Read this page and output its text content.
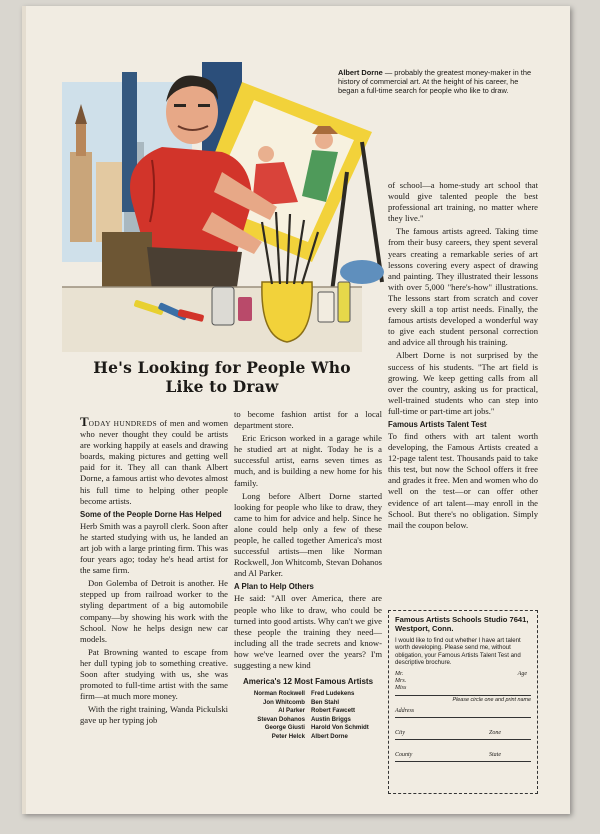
Albert Dorne — probably the greatest money-maker in the history of commercial art. At the height of his career, he began a full-time search for people who like to draw.
He's Looking for People Who Like to Draw

TODAY HUNDREDS of men and women who never thought they could be artists are working happily at easels and drawing boards, making pictures and getting well paid for it. They all can thank Albert Dorne, a famous artist who devotes almost his full time to helping other people become artists.

Some of the People Dorne Has Helped

Herb Smith was a payroll clerk. Soon after he started studying with us, he landed an art job with a large printing firm. This was four years ago; today he's head artist for the same firm.

Don Golemba of Detroit is another. He stepped up from railroad worker to the styling department of a big automobile company—by showing his work with the School. Now he helps design new car models.

Pat Browning wanted to escape from her dull typing job to something creative. Soon after studying with us, she was promoted to full-time artist with the same firm—at much more money.

With the right training, Wanda Pickulski gave up her typing job

to become fashion artist for a local department store.

Eric Ericson worked in a garage while he studied art at night. Today he is a successful artist, earns seven times as much, and is building a new home for his family.

Long before Albert Dorne started looking for people who like to draw, they came to him for advice and help. Since he alone could help only a few of these people, he called together America's most successful artists—men like Norman Rockwell, Jon Whitcomb, Stevan Dohanos and Al Parker.

A Plan to Help Others

He said: "All over America, there are people who like to draw, who could be turned into good artists. Why can't we give these people the training they need—including all the trade secrets and know-how we've learned over the years? I'm suggesting a new kind

America's 12 Most Famous Artists
Norman Rockwell Fred Ludekens
Jon Whitcomb Ben Stahl
Al Parker Robert Fawcett
Stevan Dohanos Austin Briggs
George Giusti Harold Von Schmidt
Peter Helck Albert Dorne

of school—a home-study art school that would give talented people the best professional art training, no matter where they live."

The famous artists agreed. Taking time from their busy careers, they spent several years creating a remarkable series of art lessons covering every aspect of drawing and painting. They illustrated their lessons with over 5,000 "here's-how" illustrations. The lessons start from scratch and cover every skill a top artist needs. Finally, the famous artists developed a wonderful way to give each student personal correction and advice all through his training.

Albert Dorne is not surprised by the success of his students. "The art field is growing. We keep getting calls from all over the country, asking us for practical, well-trained students who can step into full-time or part-time art jobs."

Famous Artists Talent Test

To find others with art talent worth developing, the Famous Artists created a 12-page talent test. Thousands paid to take this test, but now the School offers it free and grades it free. Men and women who do well on the test—or can offer other evidence of art talent—may enroll in the School. But there's no obligation. Simply mail the coupon below.

Famous Artists Schools Studio 7641, Westport, Conn.
I would like to find out whether I have art talent worth developing. Please send me, without obligation, your Famous Artists Talent Test and descriptive brochure.
Mr.
Mrs.
Miss
Age
Please circle one and print name
Address
City	Zone
County	State
